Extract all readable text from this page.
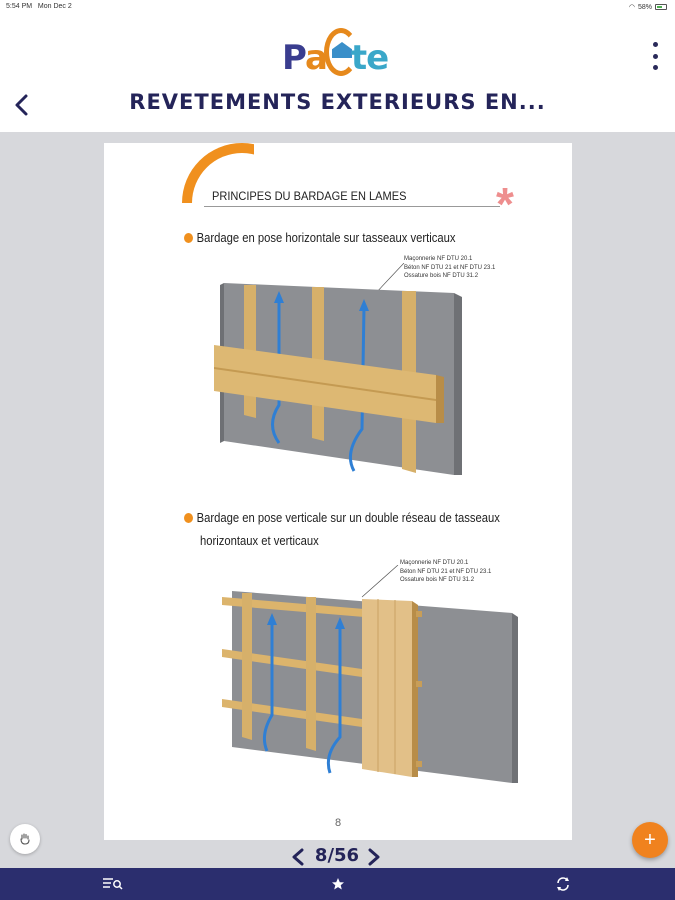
5:54 PM Mon Dec 2	◠ 58%
Pa te
REVETEMENTS EXTERIEURS EN...
PRINCIPES DU BARDAGE EN LAMES *
Bardage en pose horizontale sur tasseaux verticaux
Maçonnerie NF DTU 20.1
Béton NF DTU 21 et NF DTU 23.1
Ossature bois NF DTU 31.2
Bardage en pose verticale sur un double réseau de tasseaux
horizontaux et verticaux
Maçonnerie NF DTU 20.1
Béton NF DTU 21 et NF DTU 23.1
Ossature bois NF DTU 31.2
8
+
8/56
